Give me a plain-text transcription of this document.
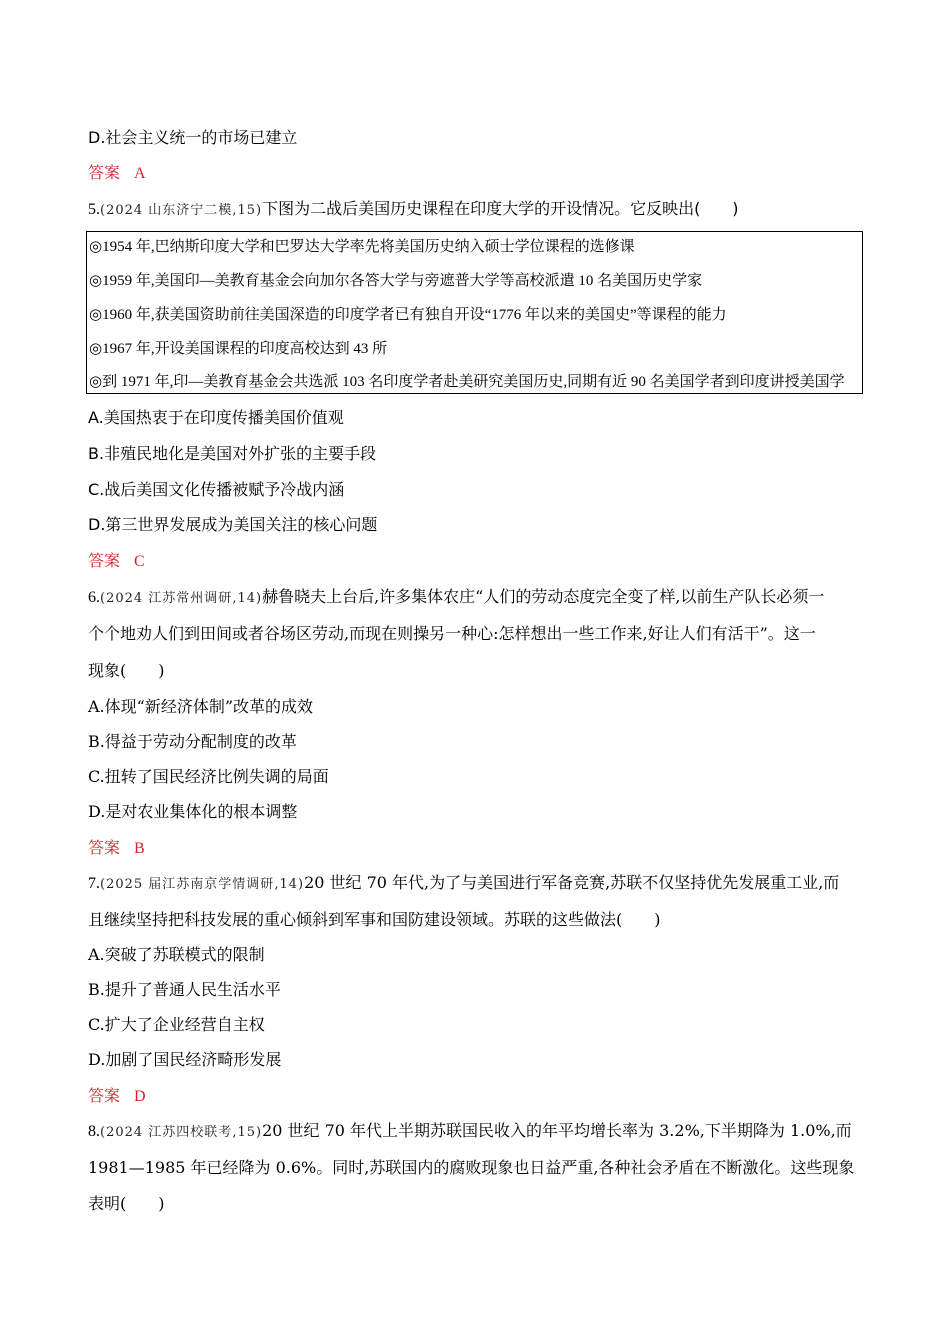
D.社会主义统一的市场已建立
答案 A
5.(2024 山东济宁二模,15)下图为二战后美国历史课程在印度大学的开设情况。它反映出(　　)
◎1954 年,巴纳斯印度大学和巴罗达大学率先将美国历史纳入硕士学位课程的选修课
◎1959 年,美国印—美教育基金会向加尔各答大学与旁遮普大学等高校派遣 10 名美国历史学家
◎1960 年,获美国资助前往美国深造的印度学者已有独自开设“1776 年以来的美国史”等课程的能力
◎1967 年,开设美国课程的印度高校达到 43 所
◎到 1971 年,印—美教育基金会共选派 103 名印度学者赴美研究美国历史,同期有近 90 名美国学者到印度讲授美国学
A.美国热衷于在印度传播美国价值观
B.非殖民地化是美国对外扩张的主要手段
C.战后美国文化传播被赋予冷战内涵
D.第三世界发展成为美国关注的核心问题
答案 C
6.(2024 江苏常州调研,14)赫鲁晓夫上台后,许多集体农庄“人们的劳动态度完全变了样,以前生产队长必须一
个个地劝人们到田间或者谷场区劳动,而现在则操另一种心:怎样想出一些工作来,好让人们有活干”。这一
现象(　　)
A.体现“新经济体制”改革的成效
B.得益于劳动分配制度的改革
C.扭转了国民经济比例失调的局面
D.是对农业集体化的根本调整
答案 B
7.(2025 届江苏南京学情调研,14)20 世纪 70 年代,为了与美国进行军备竞赛,苏联不仅坚持优先发展重工业,而
且继续坚持把科技发展的重心倾斜到军事和国防建设领域。苏联的这些做法(　　)
A.突破了苏联模式的限制
B.提升了普通人民生活水平
C.扩大了企业经营自主权
D.加剧了国民经济畸形发展
答案 D
8.(2024 江苏四校联考,15)20 世纪 70 年代上半期苏联国民收入的年平均增长率为 3.2%,下半期降为 1.0%,而
1981—1985 年已经降为 0.6%。同时,苏联国内的腐败现象也日益严重,各种社会矛盾在不断激化。这些现象
表明(　　)
